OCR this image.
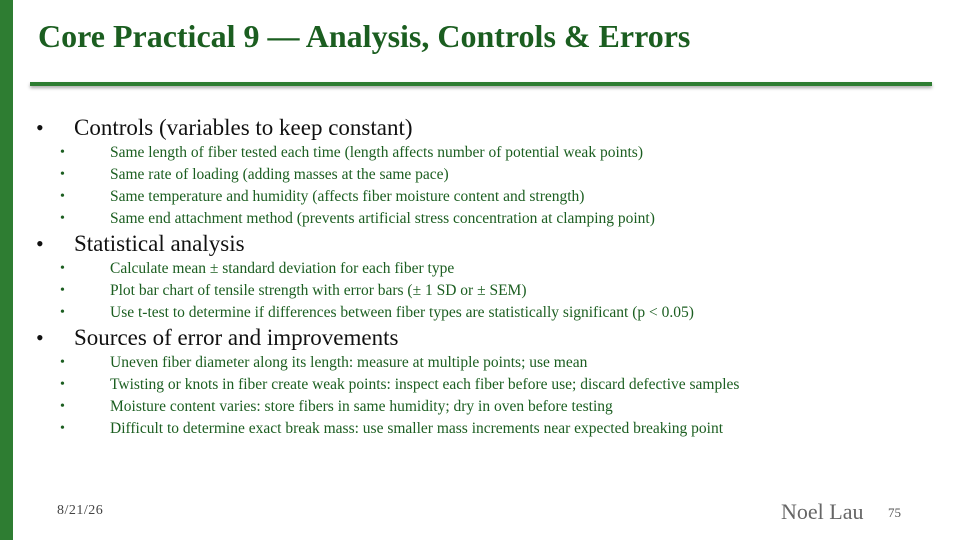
Core Practical 9 — Analysis, Controls & Errors
• Controls (variables to keep constant)
•	Same length of fiber tested each time (length affects number of potential weak points)
•	Same rate of loading (adding masses at the same pace)
•	Same temperature and humidity (affects fiber moisture content and strength)
•	Same end attachment method (prevents artificial stress concentration at clamping point)
• Statistical analysis
•	Calculate mean ± standard deviation for each fiber type
•	Plot bar chart of tensile strength with error bars (± 1 SD or ± SEM)
•	Use t-test to determine if differences between fiber types are statistically significant (p < 0.05)
• Sources of error and improvements
•	Uneven fiber diameter along its length: measure at multiple points; use mean
•	Twisting or knots in fiber create weak points: inspect each fiber before use; discard defective samples
•	Moisture content varies: store fibers in same humidity; dry in oven before testing
•	Difficult to determine exact break mass: use smaller mass increments near expected breaking point
8/21/26	Noel Lau 75
